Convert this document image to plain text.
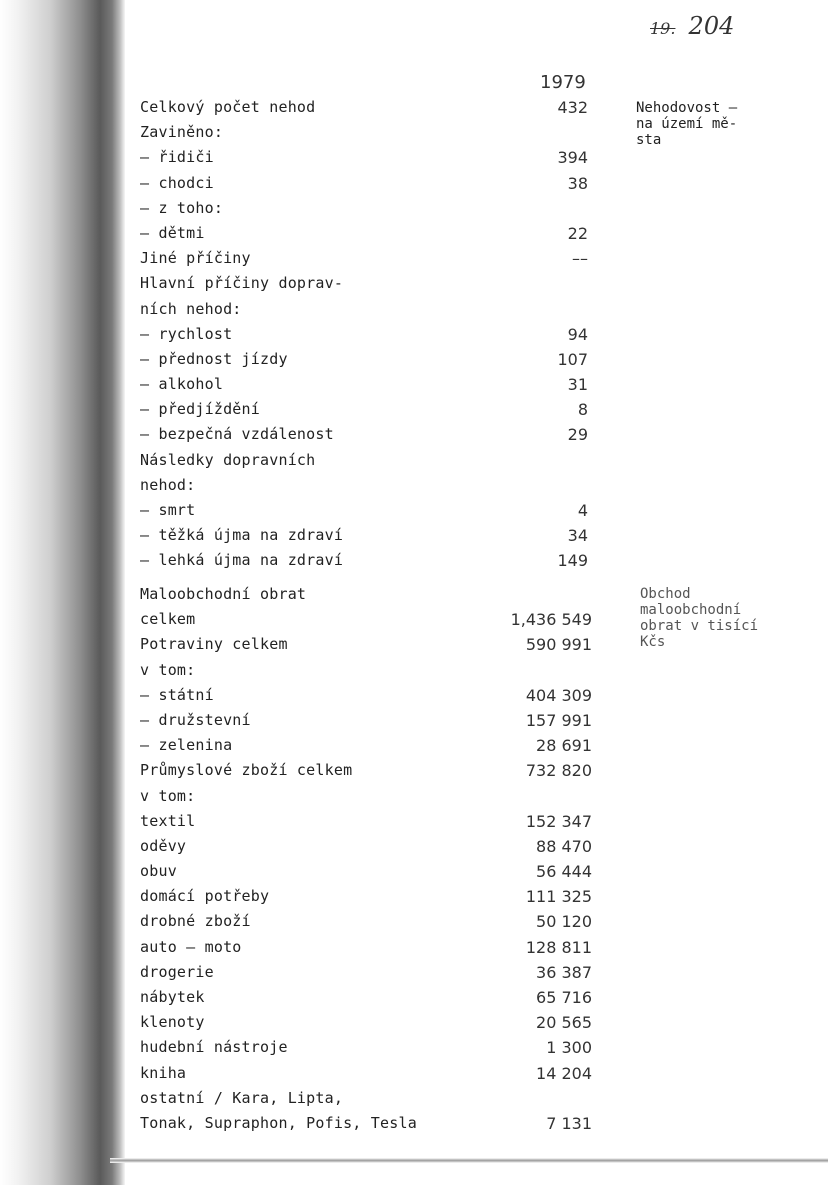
19. 204
1979
Celkový počet nehod	432
Zaviněno:
– řidiči	394
– chodci	38
– z toho:
– dětmi	22
Jiné příčiny	––
Hlavní příčiny doprav-
ních nehod:
– rychlost	94
– přednost jízdy	107
– alkohol	31
– předjíždění	8
– bezpečná vzdálenost	29
Následky dopravních
nehod:
– smrt	4
– těžká újma na zdraví	34
– lehká újma na zdraví	149
Nehodovost –
na území mě-
sta
Maloobchodní obrat
celkem	1,436 549
Potraviny celkem	590 991
v tom:
– státní	404 309
– družstevní	157 991
– zelenina	28 691
Průmyslové zboží celkem	732 820
v tom:
textil	152 347
oděvy	88 470
obuv	56 444
domácí potřeby	111 325
drobné zboží	50 120
auto – moto	128 811
drogerie	36 387
nábytek	65 716
klenoty	20 565
hudební nástroje	1 300
kniha	14 204
ostatní / Kara, Lipta,
Tonak, Supraphon, Pofis, Tesla	7 131
Obchod
maloobchodní
obrat v tisící
Kčs
